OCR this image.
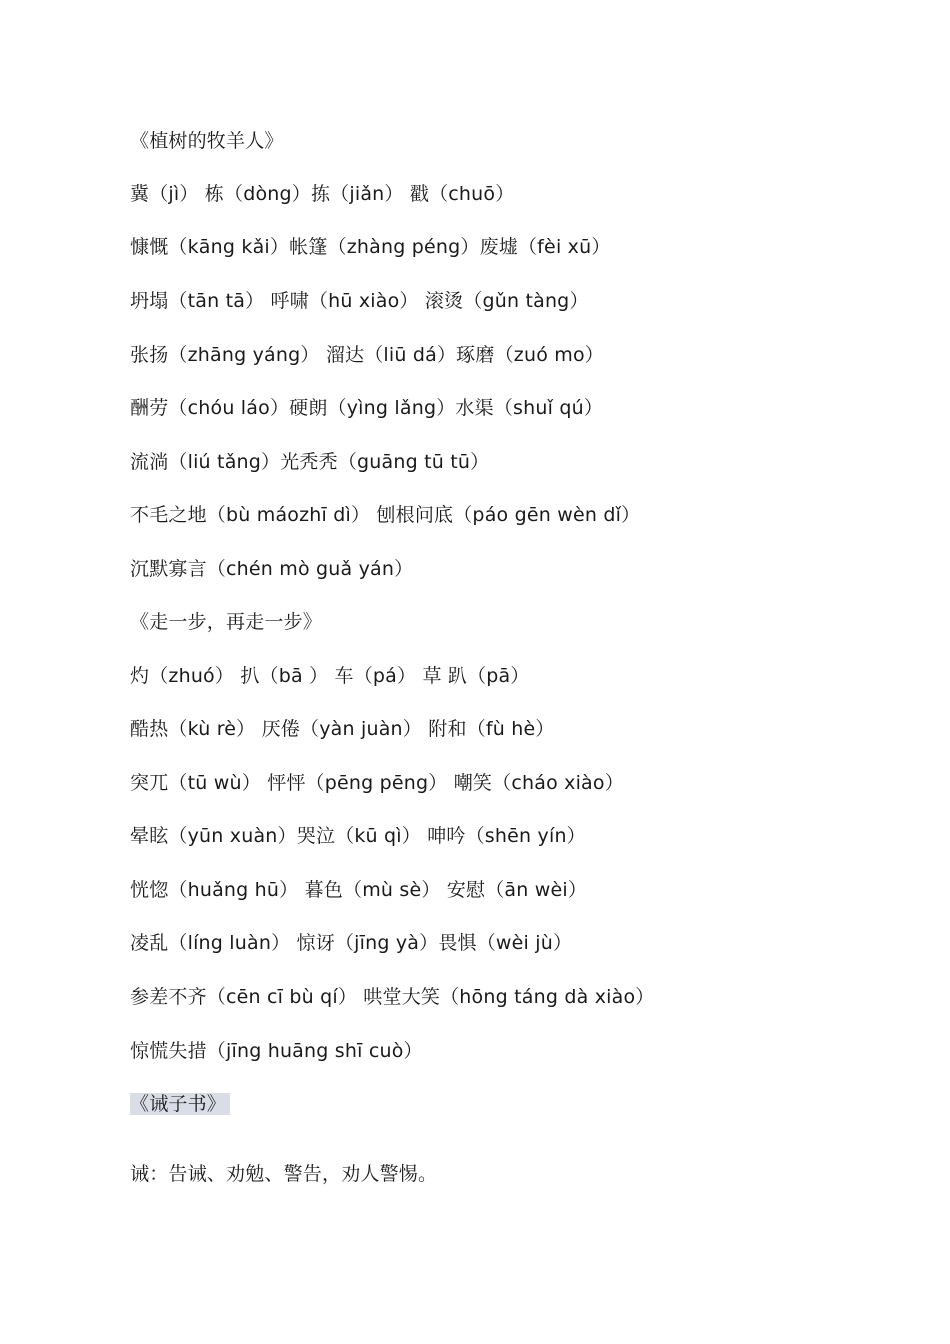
《植树的牧羊人》
冀（jì） 栋（dòng）拣（jiǎn） 戳（chuō）
慷慨（kāng kǎi）帐篷（zhàng péng）废墟（fèi xū）
坍塌（tān tā） 呼啸（hū xiào） 滚烫（gǔn tàng）
张扬（zhāng yáng） 溜达（liū dá）琢磨（zuó mo）
酬劳（chóu láo）硬朗（yìng lǎng）水渠（shuǐ qú）
流淌（liú tǎng）光秃秃（guāng tū tū）
不毛之地（bù máozhī dì） 刨根问底（páo gēn wèn dǐ）
沉默寡言（chén mò guǎ yán）
《走一步，再走一步》
灼（zhuó） 扒（bā ） 车（pá） 草 趴（pā）
酷热（kù rè） 厌倦（yàn juàn） 附和（fù hè）
突兀（tū wù） 怦怦（pēng pēng） 嘲笑（cháo xiào）
晕眩（yūn xuàn）哭泣（kū qì） 呻吟（shēn yín）
恍惚（huǎng hū） 暮色（mù sè） 安慰（ān wèi）
凌乱（líng luàn） 惊讶（jīng yà）畏惧（wèi jù）
参差不齐（cēn cī bù qí） 哄堂大笑（hōng táng dà xiào）
惊慌失措（jīng huāng shī cuò）
《诫子书》
诫：告诫、劝勉、警告，劝人警惕。
